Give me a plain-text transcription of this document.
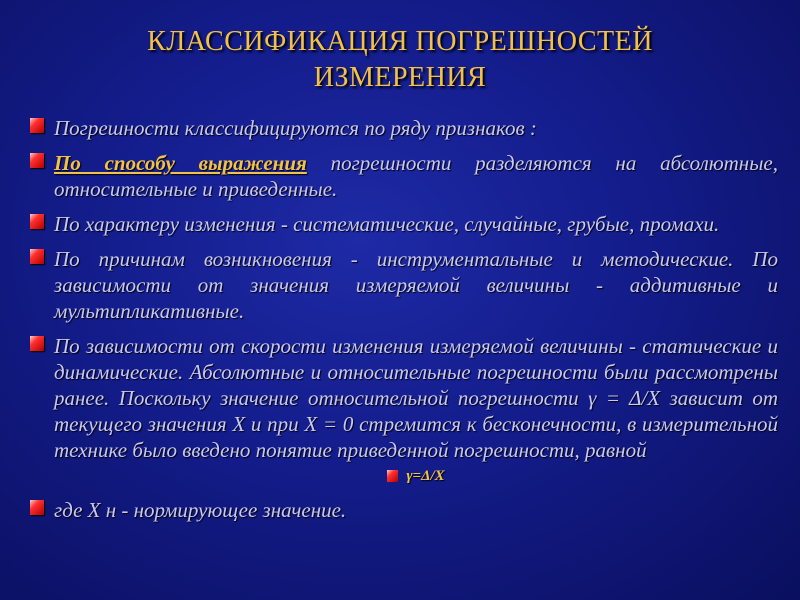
КЛАССИФИКАЦИЯ ПОГРЕШНОСТЕЙ
ИЗМЕРЕНИЯ
Погрешности классифицируются по ряду признаков :
По способу выражения погрешности разделяются на абсолютные, относительные и приведенные.
По характеру изменения - систематические, случайные, грубые, промахи.
По причинам возникновения - инструментальные и методические. По зависимости от значения измеряемой величины - аддитивные и мультипликативные.
По зависимости от скорости изменения измеряемой величины - статические и динамические. Абсолютные и относительные погрешности были рассмотрены ранее. Поскольку значение относительной погрешности γ = Δ/X зависит от текущего значения X и при X = 0 стремится к бесконечности, в измерительной технике было введено понятие приведенной погрешности, равной
γ=Δ/Х
где X н - нормирующее значение.
